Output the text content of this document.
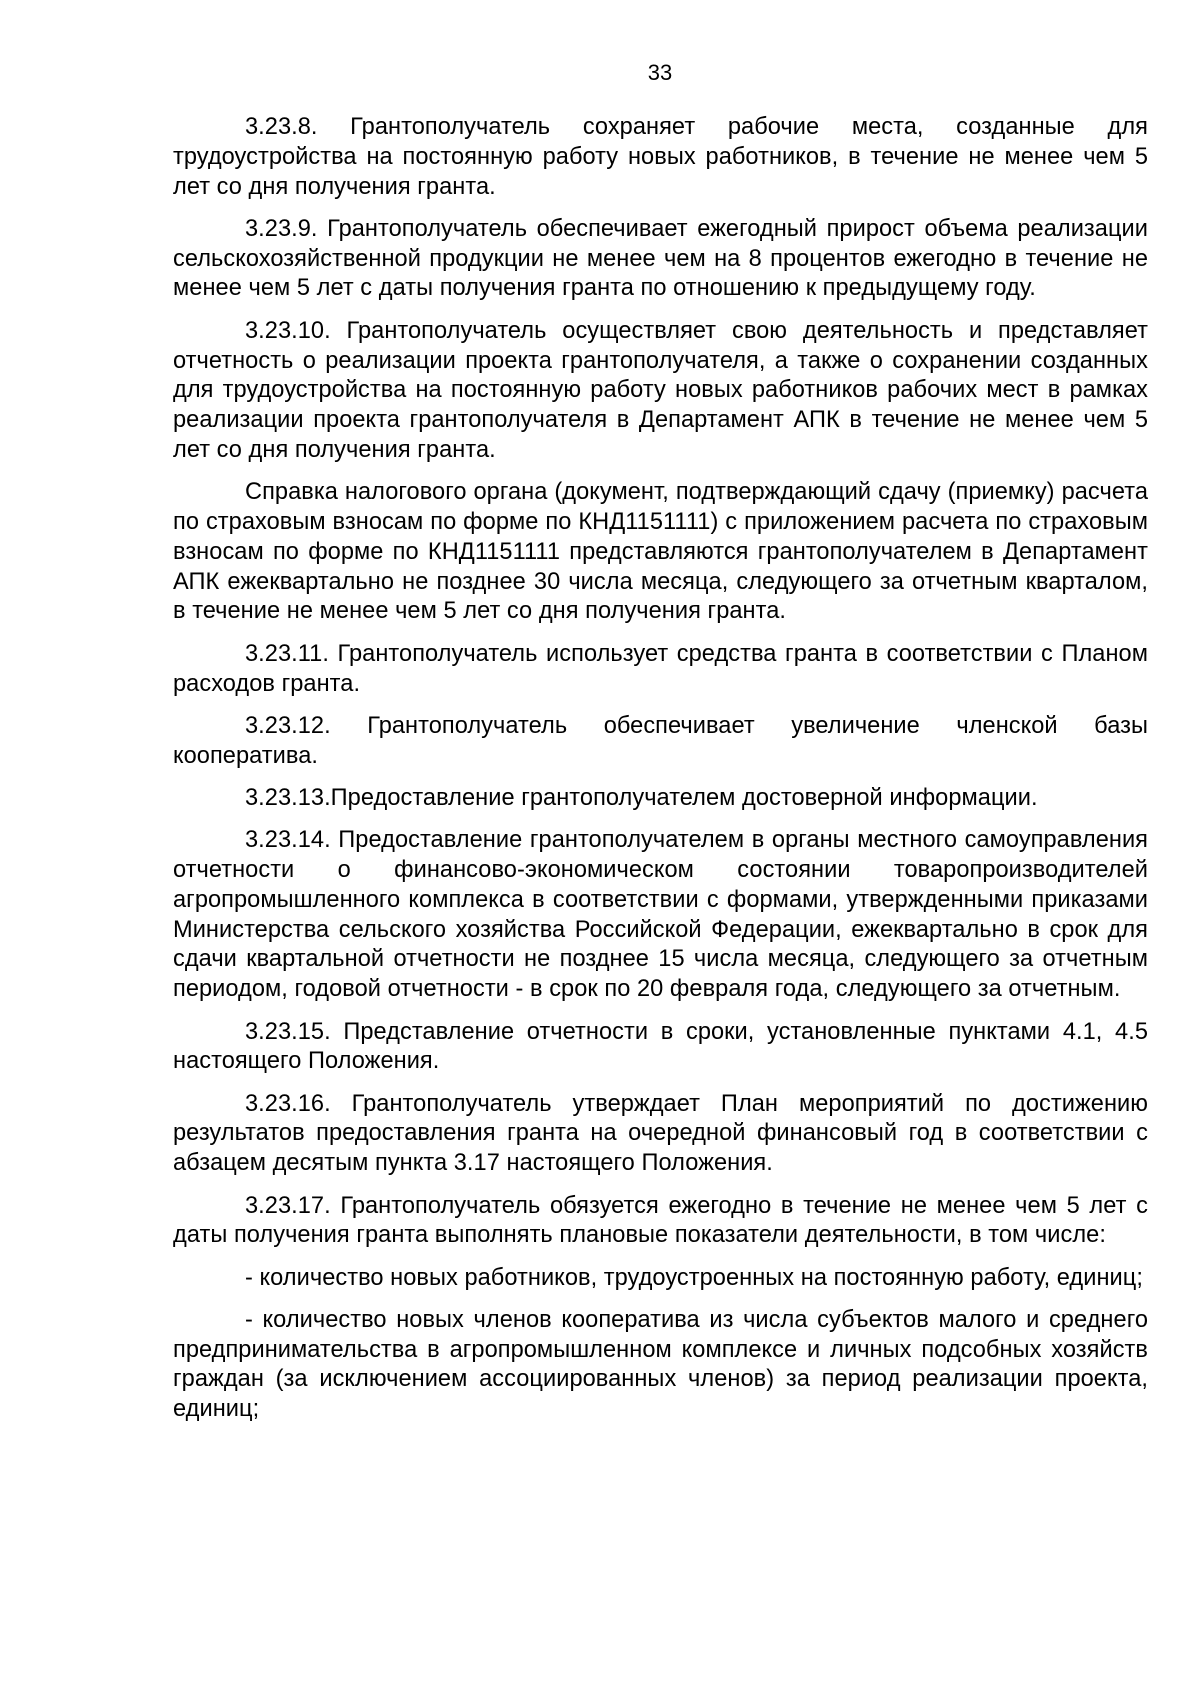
33

3.23.8. Грантополучатель сохраняет рабочие места, созданные для трудоустройства на постоянную работу новых работников, в течение не менее чем 5 лет со дня получения гранта.

3.23.9. Грантополучатель обеспечивает ежегодный прирост объема реализации сельскохозяйственной продукции не менее чем на 8 процентов ежегодно в течение не менее чем 5 лет с даты получения гранта по отношению к предыдущему году.

3.23.10. Грантополучатель осуществляет свою деятельность и представляет отчетность о реализации проекта грантополучателя, а также о сохранении созданных для трудоустройства на постоянную работу новых работников рабочих мест в рамках реализации проекта грантополучателя в Департамент АПК в течение не менее чем 5 лет со дня получения гранта.

Справка налогового органа (документ, подтверждающий сдачу (приемку) расчета по страховым взносам по форме по КНД1151111) с приложением расчета по страховым взносам по форме по КНД1151111 представляются грантополучателем в Департамент АПК ежеквартально не позднее 30 числа месяца, следующего за отчетным кварталом, в течение не менее чем 5 лет со дня получения гранта.

3.23.11. Грантополучатель использует средства гранта в соответствии с Планом расходов гранта.

3.23.12. Грантополучатель обеспечивает увеличение членской базы кооператива.

3.23.13.Предоставление грантополучателем достоверной информации.

3.23.14. Предоставление грантополучателем в органы местного самоуправления отчетности о финансово-экономическом состоянии товаропроизводителей агропромышленного комплекса в соответствии с формами, утвержденными приказами Министерства сельского хозяйства Российской Федерации, ежеквартально в срок для сдачи квартальной отчетности не позднее 15 числа месяца, следующего за отчетным периодом, годовой отчетности - в срок по 20 февраля года, следующего за отчетным.

3.23.15. Представление отчетности в сроки, установленные пунктами 4.1, 4.5 настоящего Положения.

3.23.16. Грантополучатель утверждает План мероприятий по достижению результатов предоставления гранта на очередной финансовый год в соответствии с абзацем десятым пункта 3.17 настоящего Положения.

3.23.17. Грантополучатель обязуется ежегодно в течение не менее чем 5 лет с даты получения гранта выполнять плановые показатели деятельности, в том числе:

- количество новых работников, трудоустроенных на постоянную работу, единиц;

- количество новых членов кооператива из числа субъектов малого и среднего предпринимательства в агропромышленном комплексе и личных подсобных хозяйств граждан (за исключением ассоциированных членов) за период реализации проекта, единиц;
